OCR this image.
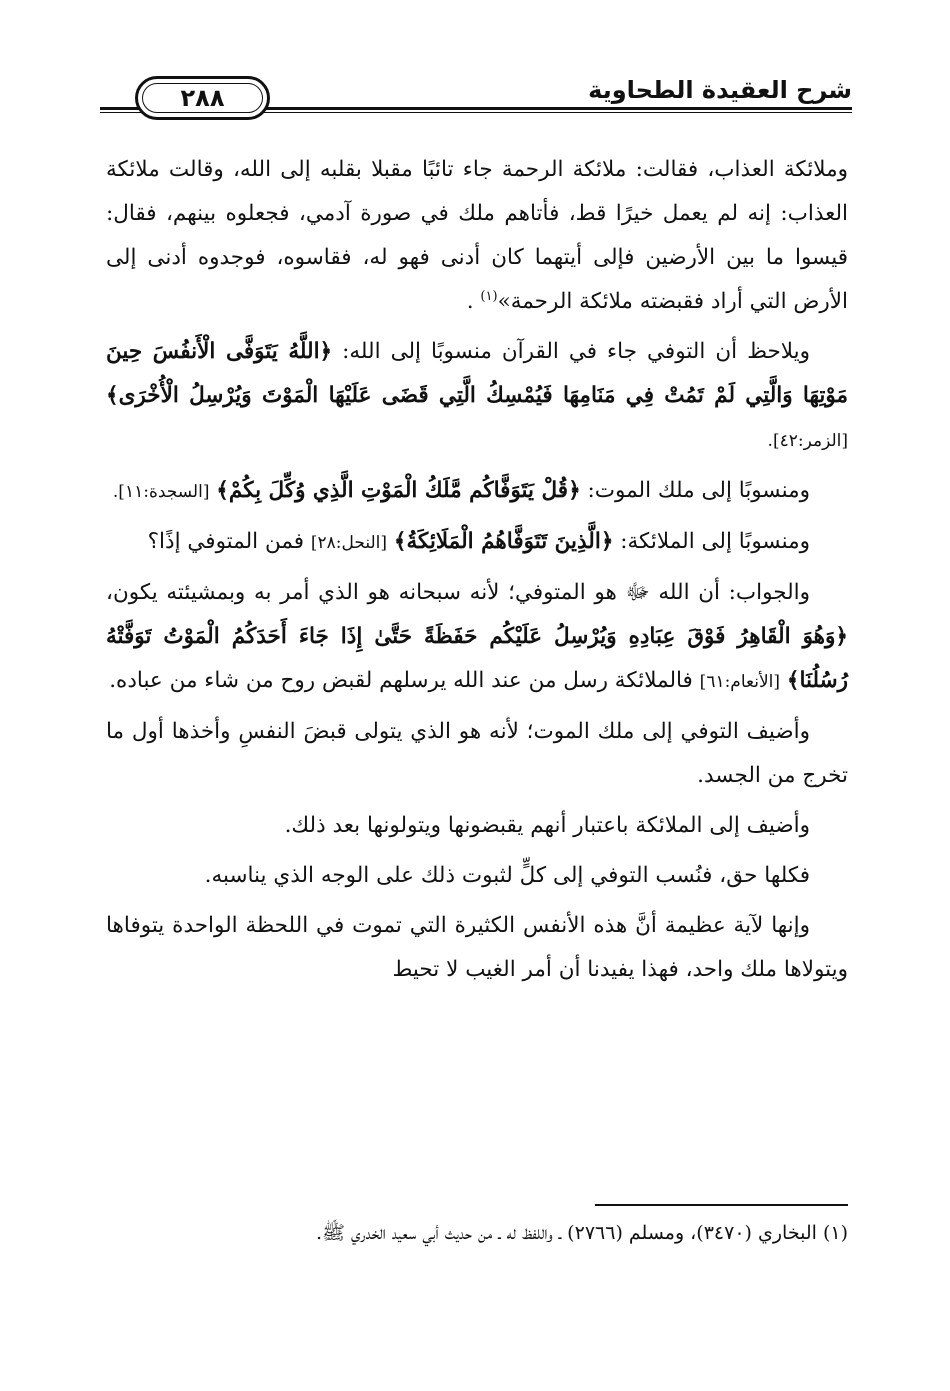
شرح العقيدة الطحاوية
٢٨٨

وملائكة العذاب، فقالت: ملائكة الرحمة جاء تائبًا مقبلا بقلبه إلى الله، وقالت ملائكة العذاب: إنه لم يعمل خيرًا قط، فأتاهم ملك في صورة آدمي، فجعلوه بينهم، فقال: قيسوا ما بين الأرضين فإلى أيتهما كان أدنى فهو له، فقاسوه، فوجدوه أدنى إلى الأرض التي أراد فقبضته ملائكة الرحمة»$^{(١)}$ .

ويلاحظ أن التوفي جاء في القرآن منسوبًا إلى الله: ﴿اللَّهُ يَتَوَفَّى الْأَنفُسَ حِينَ مَوْتِهَا وَالَّتِي لَمْ تَمُتْ فِي مَنَامِهَا فَيُمْسِكُ الَّتِي قَضَى عَلَيْهَا الْمَوْتَ وَيُرْسِلُ الْأُخْرَى﴾ [الزمر:٤٢].

ومنسوبًا إلى ملك الموت: ﴿قُلْ يَتَوَفَّاكُم مَّلَكُ الْمَوْتِ الَّذِي وُكِّلَ بِكُمْ﴾ [السجدة:١١].

ومنسوبًا إلى الملائكة: ﴿الَّذِينَ تَتَوَفَّاهُمُ الْمَلَائِكَةُ﴾ [النحل:٢٨] فمن المتوفي إذًا؟

والجواب: أن الله ﷻ هو المتوفي؛ لأنه سبحانه هو الذي أمر به وبمشيئته يكون، ﴿وَهُوَ الْقَاهِرُ فَوْقَ عِبَادِهِ وَيُرْسِلُ عَلَيْكُم حَفَظَةً حَتَّىٰ إِذَا جَاءَ أَحَدَكُمُ الْمَوْتُ تَوَفَّتْهُ رُسُلُنَا﴾ [الأنعام:٦١] فالملائكة رسل من عند الله يرسلهم لقبض روح من شاء من عباده.

وأضيف التوفي إلى ملك الموت؛ لأنه هو الذي يتولى قبضَ النفسِ وأخذها أول ما تخرج من الجسد.

وأضيف إلى الملائكة باعتبار أنهم يقبضونها ويتولونها بعد ذلك.

فكلها حق، فنُسب التوفي إلى كلٍّ لثبوت ذلك على الوجه الذي يناسبه.

وإنها لآية عظيمة أنَّ هذه الأنفس الكثيرة التي تموت في اللحظة الواحدة يتوفاها ويتولاها ملك واحد، فهذا يفيدنا أن أمر الغيب لا تحيط

(١) البخاري (٣٤٧٠)، ومسلم (٢٧٦٦) ـ واللفظ له ـ من حديث أبي سعيد الخدري ﷺ.
